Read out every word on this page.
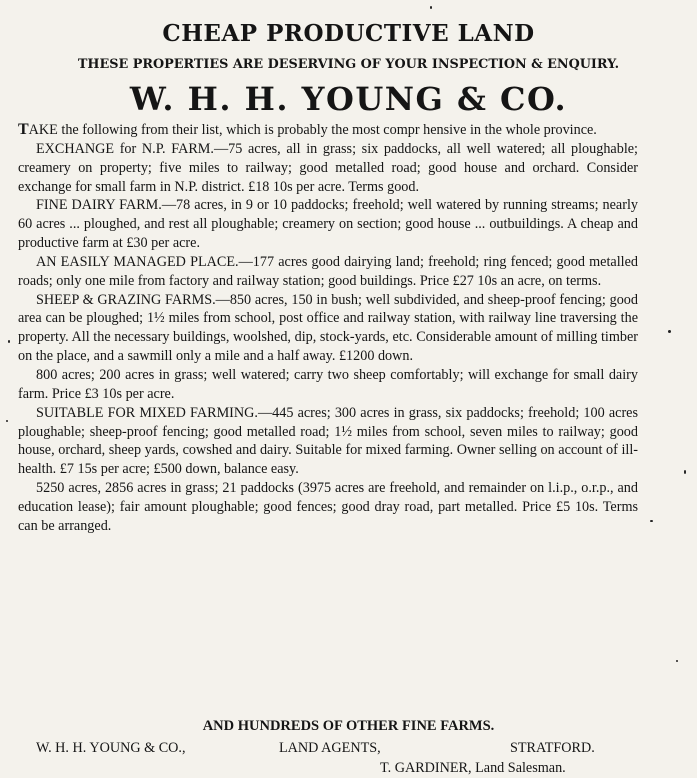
CHEAP PRODUCTIVE LAND
THESE PROPERTIES ARE DESERVING OF YOUR INSPECTION & ENQUIRY.
W. H. H. YOUNG & CO.

TAKE the following from their list, which is probably the most compr hensive in the whole province.

EXCHANGE for N.P. FARM.—75 acres, all in grass; six paddocks, all well watered; all ploughable; creamery on property; five miles to railway; good metalled road; good house and orchard. Consider exchange for small farm in N.P. district. £18 10s per acre. Terms good.

FINE DAIRY FARM.—78 acres, in 9 or 10 paddocks; freehold; well watered by running streams; nearly 60 acres ... ploughed, and rest all ploughable; creamery on section; good house ... outbuildings. A cheap and productive farm at £30 per acre.

AN EASILY MANAGED PLACE.—177 acres good dairying land; freehold; ring fenced; good metalled roads; only one mile from factory and railway station; good buildings. Price £27 10s an acre, on terms.

SHEEP & GRAZING FARMS.—850 acres, 150 in bush; well subdivided, and sheep-proof fencing; good area can be ploughed; 1½ miles from school, post office and railway station, with railway line traversing the property. All the necessary buildings, woolshed, dip, stock-yards, etc. Considerable amount of milling timber on the place, and a sawmill only a mile and a half away. £1200 down.

800 acres; 200 acres in grass; well watered; carry two sheep comfortably; will exchange for small dairy farm. Price £3 10s per acre.

SUITABLE FOR MIXED FARMING.—445 acres; 300 acres in grass, six paddocks; freehold; 100 acres ploughable; sheep-proof fencing; good metalled road; 1½ miles from school, seven miles to railway; good house, orchard, sheep yards, cowshed and dairy. Suitable for mixed farming. Owner selling on account of ill-health. £7 15s per acre; £500 down, balance easy.

5250 acres, 2856 acres in grass; 21 paddocks (3975 acres are freehold, and remainder on l.i.p., o.r.p., and education lease); fair amount ploughable; good fences; good dray road, part metalled. Price £5 10s. Terms can be arranged.

AND HUNDREDS OF OTHER FINE FARMS.
W. H. H. YOUNG & CO.,	LAND AGENTS,	STRATFORD.
T. GARDINER, Land Salesman.
